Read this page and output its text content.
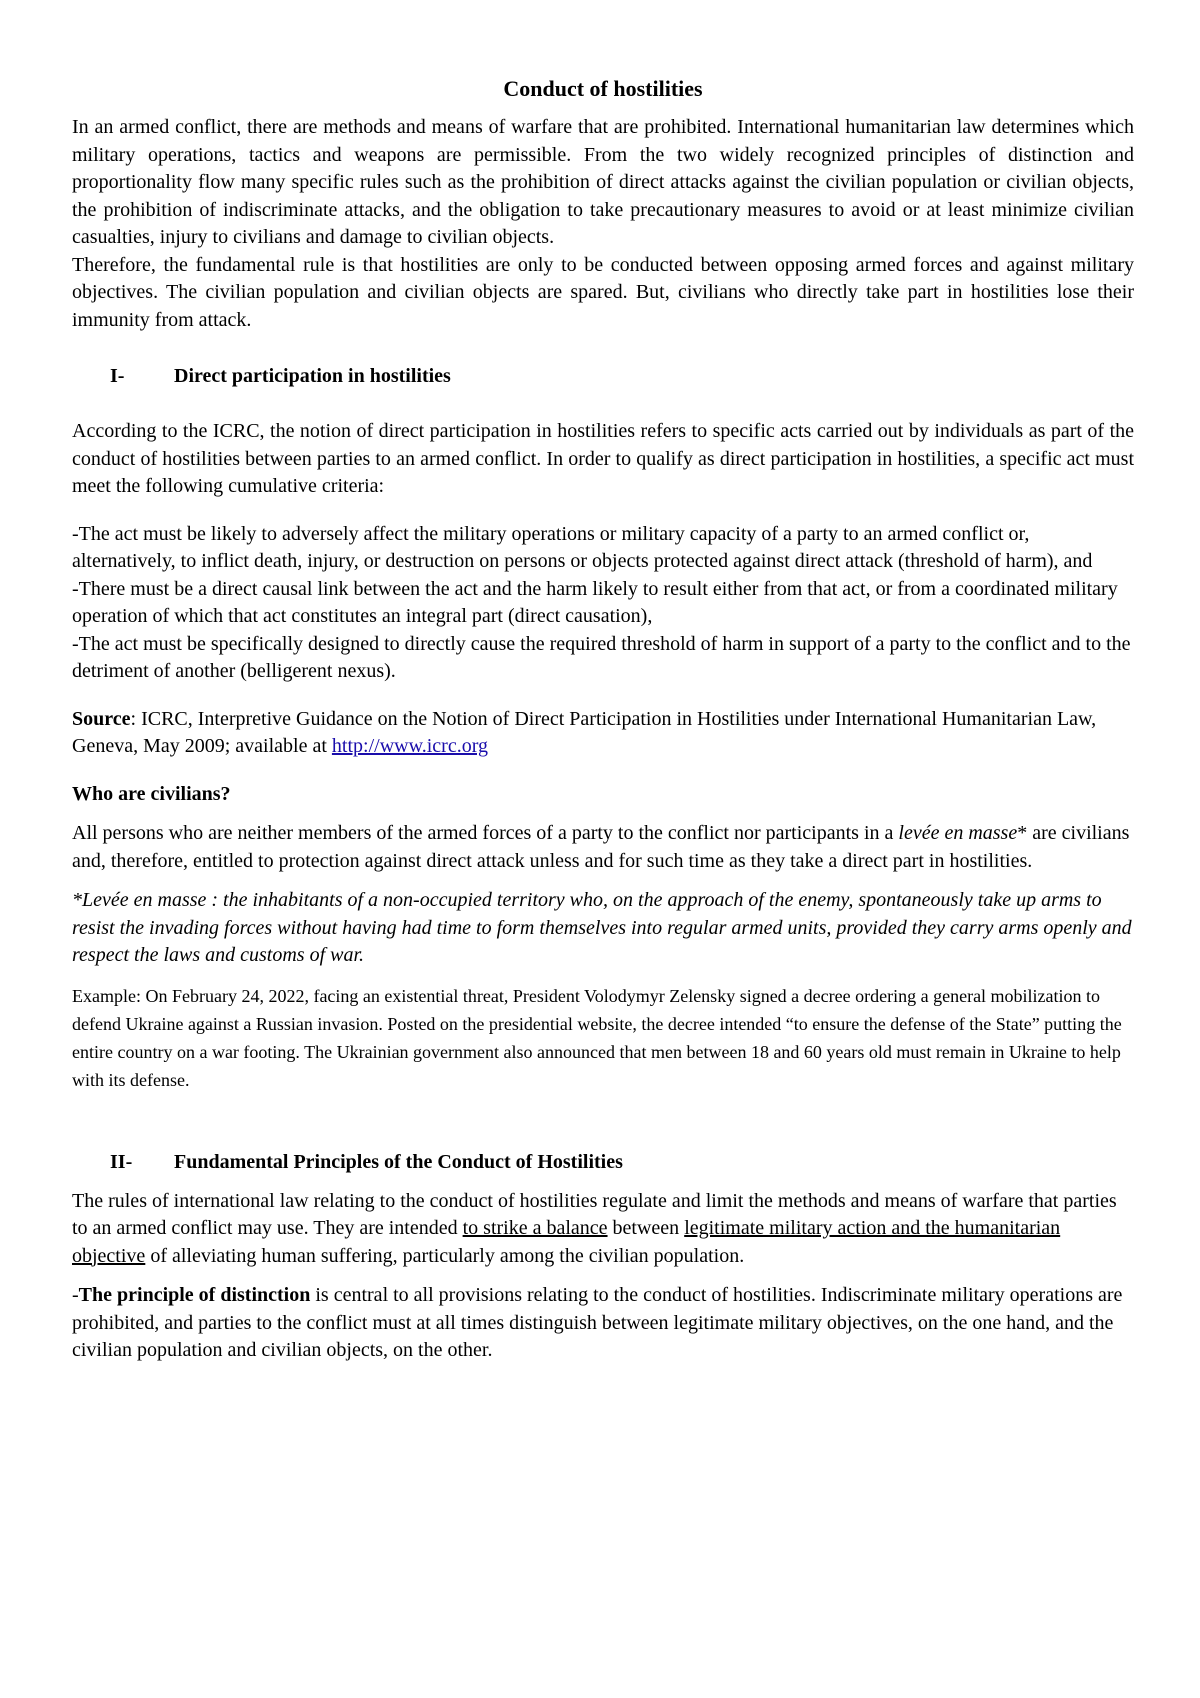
Conduct of hostilities

In an armed conflict, there are methods and means of warfare that are prohibited. International humanitarian law determines which military operations, tactics and weapons are permissible. From the two widely recognized principles of distinction and proportionality flow many specific rules such as the prohibition of direct attacks against the civilian population or civilian objects, the prohibition of indiscriminate attacks, and the obligation to take precautionary measures to avoid or at least minimize civilian casualties, injury to civilians and damage to civilian objects.

Therefore, the fundamental rule is that hostilities are only to be conducted between opposing armed forces and against military objectives. The civilian population and civilian objects are spared. But, civilians who directly take part in hostilities lose their immunity from attack.

I-	Direct participation in hostilities

According to the ICRC, the notion of direct participation in hostilities refers to specific acts carried out by individuals as part of the conduct of hostilities between parties to an armed conflict. In order to qualify as direct participation in hostilities, a specific act must meet the following cumulative criteria:

-The act must be likely to adversely affect the military operations or military capacity of a party to an armed conflict or, alternatively, to inflict death, injury, or destruction on persons or objects protected against direct attack (threshold of harm), and

-There must be a direct causal link between the act and the harm likely to result either from that act, or from a coordinated military operation of which that act constitutes an integral part (direct causation),

-The act must be specifically designed to directly cause the required threshold of harm in support of a party to the conflict and to the detriment of another (belligerent nexus).

Source: ICRC, Interpretive Guidance on the Notion of Direct Participation in Hostilities under International Humanitarian Law, Geneva, May 2009; available at http://www.icrc.org

Who are civilians?

All persons who are neither members of the armed forces of a party to the conflict nor participants in a levée en masse* are civilians and, therefore, entitled to protection against direct attack unless and for such time as they take a direct part in hostilities.

*Levée en masse : the inhabitants of a non-occupied territory who, on the approach of the enemy, spontaneously take up arms to resist the invading forces without having had time to form themselves into regular armed units, provided they carry arms openly and respect the laws and customs of war.

Example: On February 24, 2022, facing an existential threat, President Volodymyr Zelensky signed a decree ordering a general mobilization to defend Ukraine against a Russian invasion. Posted on the presidential website, the decree intended “to ensure the defense of the State” putting the entire country on a war footing. The Ukrainian government also announced that men between 18 and 60 years old must remain in Ukraine to help with its defense.

II-	Fundamental Principles of the Conduct of Hostilities

The rules of international law relating to the conduct of hostilities regulate and limit the methods and means of warfare that parties to an armed conflict may use. They are intended to strike a balance between legitimate military action and the humanitarian objective of alleviating human suffering, particularly among the civilian population.

-The principle of distinction is central to all provisions relating to the conduct of hostilities. Indiscriminate military operations are prohibited, and parties to the conflict must at all times distinguish between legitimate military objectives, on the one hand, and the civilian population and civilian objects, on the other.
